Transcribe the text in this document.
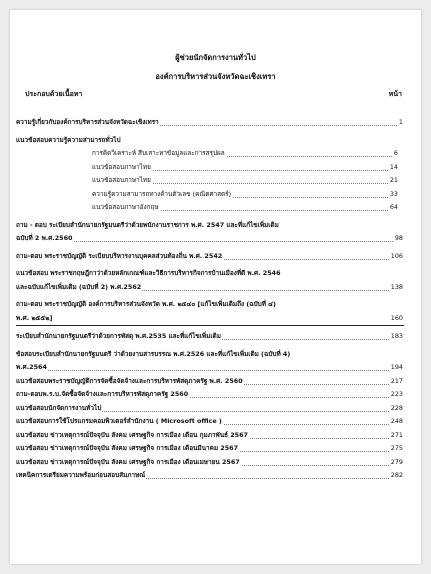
ผู้ช่วยนักจัดการงานทั่วไป
องค์การบริหารส่วนจังหวัดฉะเชิงเทรา
ประกอบด้วยเนื้อหา	หน้า
ความรู้เกี่ยวกับองค์การบริหารส่วนจังหวัดฉะเชิงเทรา	1
แนวข้อสอบความรู้ความสามารถทั่วไป
การคิดวิเคราะห์ สืบเสาะหาข้อมูลและการสรุปผล	6
แนวข้อสอบภาษาไทย	14
แนวข้อสอบภาษาไทย	21
ความรู้ความสามารถทางด้านตัวเลข (คณิตศาสตร์)	33
แนวข้อสอบภาษาอังกฤษ	64
ถาม - ตอบ ระเบียบสำนักนายกรัฐมนตรีว่าด้วยพนักงานราชการ พ.ศ. 2547 และที่แก้ไขเพิ่มเติม
ฉบับที่ 2 พ.ศ.2560	98
ถาม-ตอบ พระราชบัญญัติ ระเบียบบริหารงานบุคคลส่วนท้องถิ่น พ.ศ. 2542	106
แนวข้อสอบ พระราชกฤษฎีกาว่าด้วยหลักเกณฑ์และวิธีการบริหารกิจการบ้านเมืองที่ดี พ.ศ. 2546
และฉบับแก้ไขเพิ่มเติม (ฉบับที่ 2) พ.ศ.2562	138
ถาม-ตอบ พระราชบัญญัติ องค์การบริหารส่วนจังหวัด พ.ศ. ๒๕๔๐ [แก้ไขเพิ่มเติมถึง (ฉบับที่ ๔)
พ.ศ. ๒๕๕๒]	160
ระเบียบสำนักนายกรัฐมนตรีว่าด้วยการพัสดุ พ.ศ.2535 และที่แก้ไขเพิ่มเติม	183
ข้อสอบระเบียบสำนักนายกรัฐมนตรี ว่าด้วยงานสารบรรณ พ.ศ.2526 และที่แก้ไขเพิ่มเติม (ฉบับที่ 4)
พ.ศ.2564	194
แนวข้อสอบพระราชบัญญัติการจัดซื้อจัดจ้างและการบริหารพัสดุภาครัฐ พ.ศ. 2560	217
ถาม-ตอบพ.ร.บ.จัดซื้อจัดจ้างและการบริหารพัสดุภาครัฐ 2560	223
แนวข้อสอบนักจัดการงานทั่วไป	228
แนวข้อสอบการใช้โปรแกรมคอมพิวเตอร์สำนักงาน ( Microsoft office )	248
แนวข้อสอบ ข่าวเหตุการณ์ปัจจุบัน สังคม เศรษฐกิจ การเมือง เดือน กุมภาพันธ์ 2567	271
แนวข้อสอบ ข่าวเหตุการณ์ปัจจุบัน สังคม เศรษฐกิจ การเมือง เดือนมีนาคม 2567	275
แนวข้อสอบ ข่าวเหตุการณ์ปัจจุบัน สังคม เศรษฐกิจ การเมือง เดือนเมษายน 2567	279
เทคนิคการเตรียมความพร้อมก่อนสอบสัมภาษณ์	282
